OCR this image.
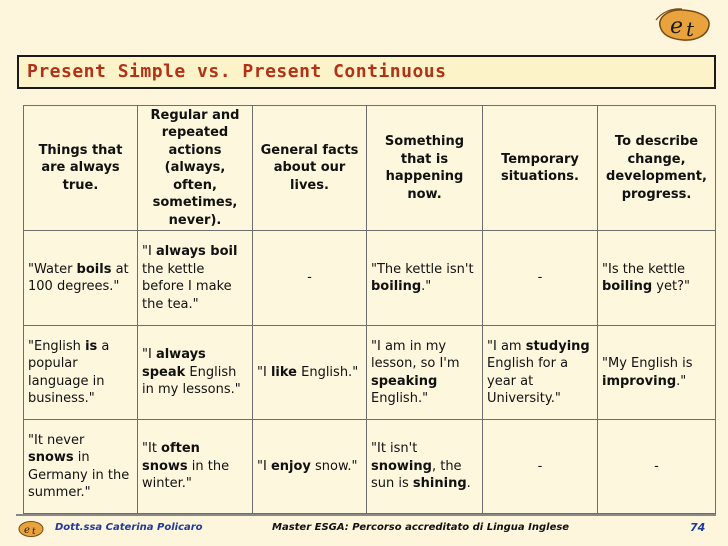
e t
Present Simple vs. Present Continuous
Things that are always true.	Regular and repeated actions (always, often, sometimes, never).	General facts about our lives.	Something that is happening now.	Temporary situations.	To describe change, development, progress.
"Water boils at 100 degrees."	"I always boil the kettle before I make the tea."	-	"The kettle isn't boiling."	-	"Is the kettle boiling yet?"
"English is a popular language in business."	"I always speak English in my lessons."	"I like English."	"I am in my lesson, so I'm speaking English."	"I am studying English for a year at University."	"My English is improving."
"It never snows in Germany in the summer."	"It often snows in the winter."	"I enjoy snow."	"It isn't snowing, the sun is shining.	-	-
e t Dott.ssa Caterina Policaro	Master ESGA: Percorso accreditato di Lingua Inglese	74
